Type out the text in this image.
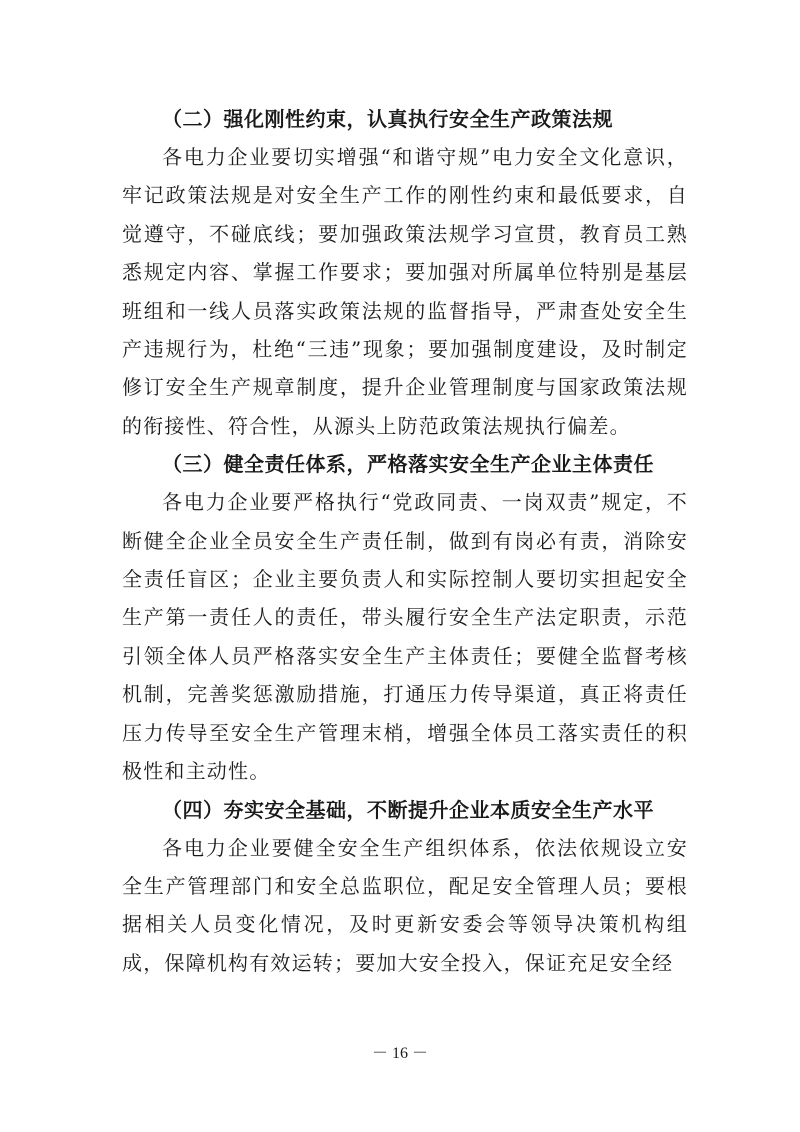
（二）强化刚性约束，认真执行安全生产政策法规

各电力企业要切实增强“和谐守规”电力安全文化意识，牢记政策法规是对安全生产工作的刚性约束和最低要求，自觉遵守，不碰底线；要加强政策法规学习宣贯，教育员工熟悉规定内容、掌握工作要求；要加强对所属单位特别是基层班组和一线人员落实政策法规的监督指导，严肃查处安全生产违规行为，杜绝“三违”现象；要加强制度建设，及时制定修订安全生产规章制度，提升企业管理制度与国家政策法规的衔接性、符合性，从源头上防范政策法规执行偏差。

（三）健全责任体系，严格落实安全生产企业主体责任

各电力企业要严格执行“党政同责、一岗双责”规定，不断健全企业全员安全生产责任制，做到有岗必有责，消除安全责任盲区；企业主要负责人和实际控制人要切实担起安全生产第一责任人的责任，带头履行安全生产法定职责，示范引领全体人员严格落实安全生产主体责任；要健全监督考核机制，完善奖惩激励措施，打通压力传导渠道，真正将责任压力传导至安全生产管理末梢，增强全体员工落实责任的积极性和主动性。

（四）夯实安全基础，不断提升企业本质安全生产水平

各电力企业要健全安全生产组织体系，依法依规设立安全生产管理部门和安全总监职位，配足安全管理人员；要根据相关人员变化情况，及时更新安委会等领导决策机构组成，保障机构有效运转；要加大安全投入，保证充足安全经

－ 16 －
